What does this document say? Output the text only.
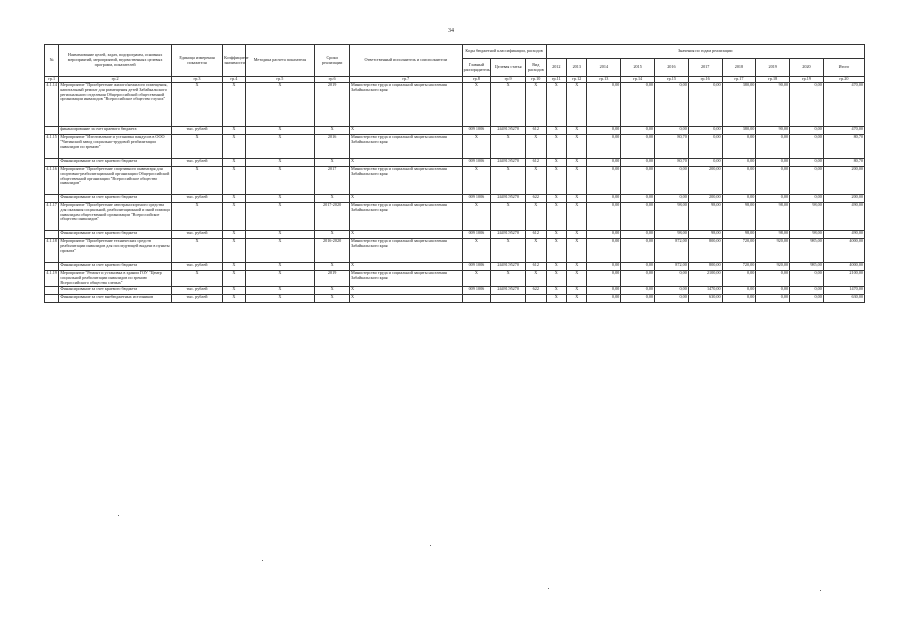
34
№	Наименование целей, задач, подпрограмм, основных мероприятий, мероприятий, ведомственных целевых программ, показателей	Единица измерения показателя	Коэффициент значимости	Методика расчета показателя	Сроки реализации	Ответственный исполнитель и соисполнители	Коды бюджетной классификации, расходов			Значения по годам реализации									
							Главный распорядитель	Целевая статья	Вид расходов	2012	2013	2014	2015	2016	2017	2018	2019	2020	Итого
гр.1	гр.2	гр.3	гр.4	гр.5	гр.6	гр.7	гр.8	гр.9	гр.10	гр.11	гр.12	гр.13	гр.14	гр.15	гр.16	гр.17	гр.18	гр.19	гр.20
4.1.14	Мероприятие "Приобретение жилого/нежилого помещения, капитальный ремонт для размещения детей Забайкальского регионального отделения Общероссийской общественной организации инвалидов "Всероссийское общество глухих"	Х	Х	Х	2019	Министерство труда и социальной защиты населения Забайкальского края	Х	Х	Х	Х	Х	0,00	0,00	0,00	0,00	380,00	90,00	0,00	470,00
	финансирование за счет краевого бюджета	тыс. рублей	Х	Х	Х	Х	009 1006	24491Э5270	612	Х	Х	0,00	0,00	0,00	0,00	380,00	90,00	0,00	470,00
4.1.15	Мероприятие "Изготовление и установка пандусов в ООО "Читинский завод социально-трудовой реабилитации инвалидов по зрению"	Х	Х	Х	2016	Министерство труда и социальной защиты населения Забайкальского края	Х	Х	Х	Х	Х	0,00	0,00	80,70	0,00	0,00	0,00	0,00	80,70
	Финансирование за счет краевого бюджета	тыс. рублей	Х	Х	Х	Х	009 1006	24491Э5270	612	Х	Х	0,00	0,00	80,70	0,00	0,00	0,00	0,00	80,70
4.1.16	Мероприятие "Приобретение спортивного инвентаря для спортивно-реабилитационной организации Общероссийской общественной организации "Всероссийское общество инвалидов"	Х	Х	Х	2017	Министерство труда и социальной защиты населения Забайкальского края	Х	Х	Х	Х	Х	0,00	0,00	0,00	200,00	0,00	0,00	0,00	200,00
	Финансирование за счет краевого бюджета	тыс. рублей	Х	Х	Х	Х	009 1006	24491Э5270	622	Х	Х	0,00	0,00	0,00	200,00	0,00	0,00	0,00	200,00
4.1.17	Мероприятие "Приобретение автотранспортного средства для оказания социальной, реабилитационной и иной помощи инвалидам общественной организации "Всероссийское общество инвалидов"	Х	Х	Х	2017-2020	Министерство труда и социальной защиты населения Забайкальского края	Х	Х	Х	Х	Х	0,00	0,00	98,00	98,00	98,00	98,00	98,00	490,00
	Финансирование за счет краевого бюджета	тыс. рублей	Х	Х	Х	Х	009 1006	24491Э5270	612	Х	Х	0,00	0,00	98,00	98,00	98,00	98,00	98,00	490,00
4.1.18	Мероприятие "Приобретение технических средств реабилитации инвалидов для последующей выдачи в пункты проката"	Х	Х	Х	2016-2020	Министерство труда и социальной защиты населения Забайкальского края	Х	Х	Х	Х	Х	0,00	0,00	872,00	800,00	720,00	920,00	985,00	4000,00
	Финансирование за счет краевого бюджета	тыс. рублей	Х	Х	Х	Х	009 1006	24491Э5270	612	Х	Х	0,00	0,00	872,00	800,00	720,00	920,00	985,00	4000,00
4.1.19	Мероприятие "Ремонт и установка в здании ГОУ "Центр социальной реабилитации инвалидов по зрению Всероссийского общества слепых"	Х	Х	Х	2019	Министерство труда и социальной защиты населения Забайкальского края	Х	Х	Х	Х	Х	0,00	0,00	0,00	2100,00	0,00	0,00	0,00	2100,00
	Финансирование за счет краевого бюджета	тыс. рублей	Х	Х	Х	Х	009 1006	24491Э5270	622	Х	Х	0,00	0,00	0,00	1470,00	0,00	0,00	0,00	1470,00
	Финансирование за счет внебюджетных источников	тыс. рублей	Х	Х	Х	Х				Х	Х	0,00	0,00	0,00	630,00	0,00	0,00	0,00	630,00
